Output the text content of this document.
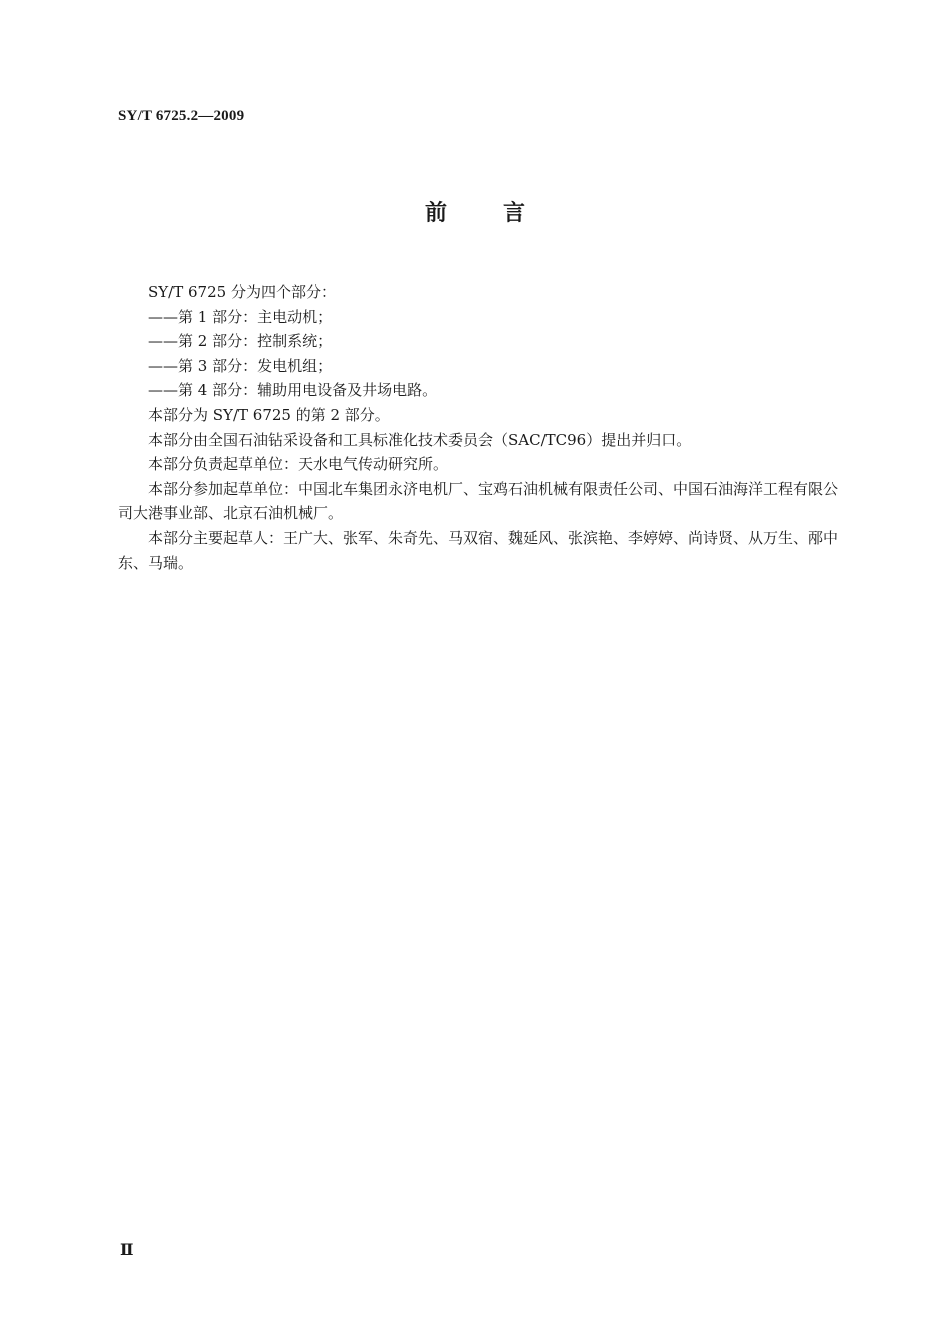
SY/T 6725.2—2009
前言

SY/T 6725 分为四个部分：

——第 1 部分：主电动机；

——第 2 部分：控制系统；

——第 3 部分：发电机组；

——第 4 部分：辅助用电设备及井场电路。

本部分为 SY/T 6725 的第 2 部分。

本部分由全国石油钻采设备和工具标准化技术委员会（SAC/TC96）提出并归口。

本部分负责起草单位：天水电气传动研究所。

本部分参加起草单位：中国北车集团永济电机厂、宝鸡石油机械有限责任公司、中国石油海洋工程有限公司大港事业部、北京石油机械厂。

本部分主要起草人：王广大、张军、朱奇先、马双宿、魏延风、张滨艳、李婷婷、尚诗贤、从万生、邴中东、马瑞。

Ⅱ
